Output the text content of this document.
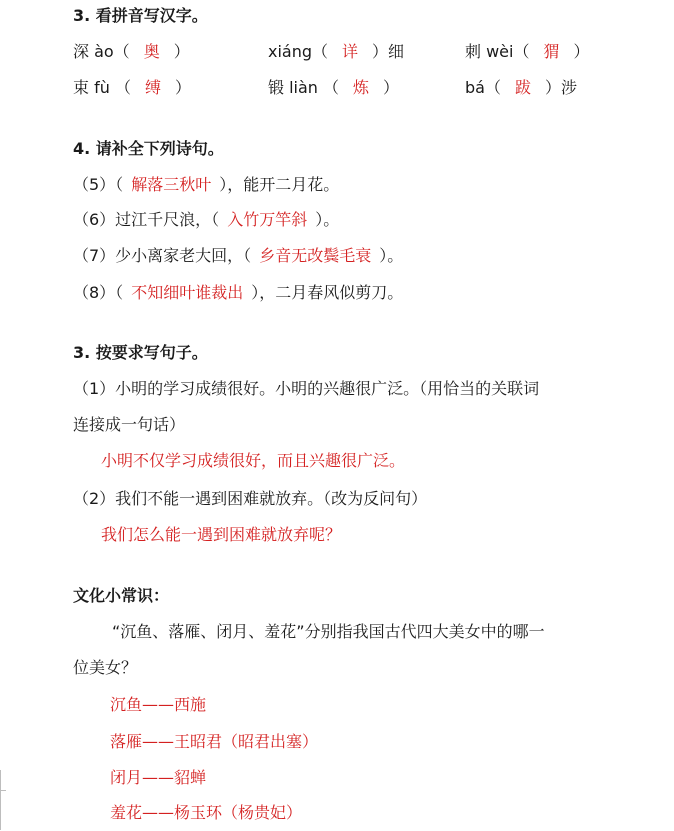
3. 看拼音写汉字。
深 ào（ 奥 ）	xiáng（ 详 ）细	刺 wèi（ 猬 ）
束 fù （ 缚 ）	锻 liàn （ 炼 ）	bá（ 跋 ）涉
4. 请补全下列诗句。
（5）（ 解落三秋叶 ），能开二月花。
（6）过江千尺浪，（ 入竹万竿斜 ）。
（7）少小离家老大回，（ 乡音无改鬓毛衰 ）。
（8）（ 不知细叶谁裁出 ），二月春风似剪刀。
3. 按要求写句子。
（1）小明的学习成绩很好。小明的兴趣很广泛。（用恰当的关联词
连接成一句话）
小明不仅学习成绩很好，而且兴趣很广泛。
（2）我们不能一遇到困难就放弃。（改为反问句）
我们怎么能一遇到困难就放弃呢？
文化小常识：
“沉鱼、落雁、闭月、羞花”分别指我国古代四大美女中的哪一
位美女？
沉鱼——西施
落雁——王昭君（昭君出塞）
闭月——貂蝉
羞花——杨玉环（杨贵妃）
